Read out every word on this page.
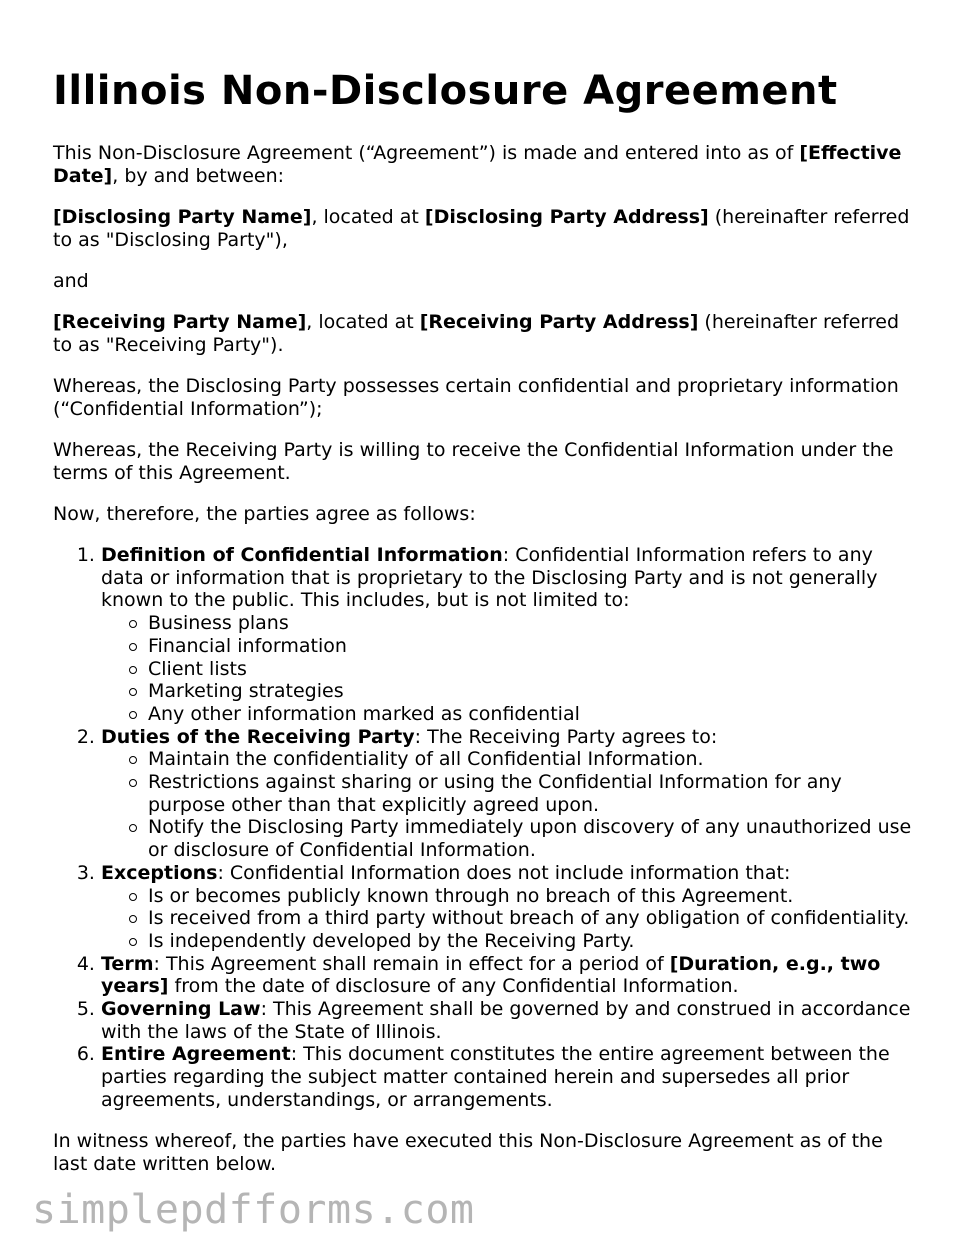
Illinois Non-Disclosure Agreement

This Non-Disclosure Agreement (“Agreement”) is made and entered into as of [Effective Date], by and between:

[Disclosing Party Name], located at [Disclosing Party Address] (hereinafter referred to as "Disclosing Party"),

and

[Receiving Party Name], located at [Receiving Party Address] (hereinafter referred to as "Receiving Party").

Whereas, the Disclosing Party possesses certain confidential and proprietary information (“Confidential Information”);

Whereas, the Receiving Party is willing to receive the Confidential Information under the terms of this Agreement.

Now, therefore, the parties agree as follows:

1. Definition of Confidential Information: Confidential Information refers to any data or information that is proprietary to the Disclosing Party and is not generally known to the public. This includes, but is not limited to:
Business plans
Financial information
Client lists
Marketing strategies
Any other information marked as confidential
2. Duties of the Receiving Party: The Receiving Party agrees to:
Maintain the confidentiality of all Confidential Information.
Restrictions against sharing or using the Confidential Information for any purpose other than that explicitly agreed upon.
Notify the Disclosing Party immediately upon discovery of any unauthorized use or disclosure of Confidential Information.
3. Exceptions: Confidential Information does not include information that:
Is or becomes publicly known through no breach of this Agreement.
Is received from a third party without breach of any obligation of confidentiality.
Is independently developed by the Receiving Party.
4. Term: This Agreement shall remain in effect for a period of [Duration, e.g., two years] from the date of disclosure of any Confidential Information.
5. Governing Law: This Agreement shall be governed by and construed in accordance with the laws of the State of Illinois.
6. Entire Agreement: This document constitutes the entire agreement between the parties regarding the subject matter contained herein and supersedes all prior agreements, understandings, or arrangements.

In witness whereof, the parties have executed this Non-Disclosure Agreement as of the last date written below.

simplepdfforms.com
